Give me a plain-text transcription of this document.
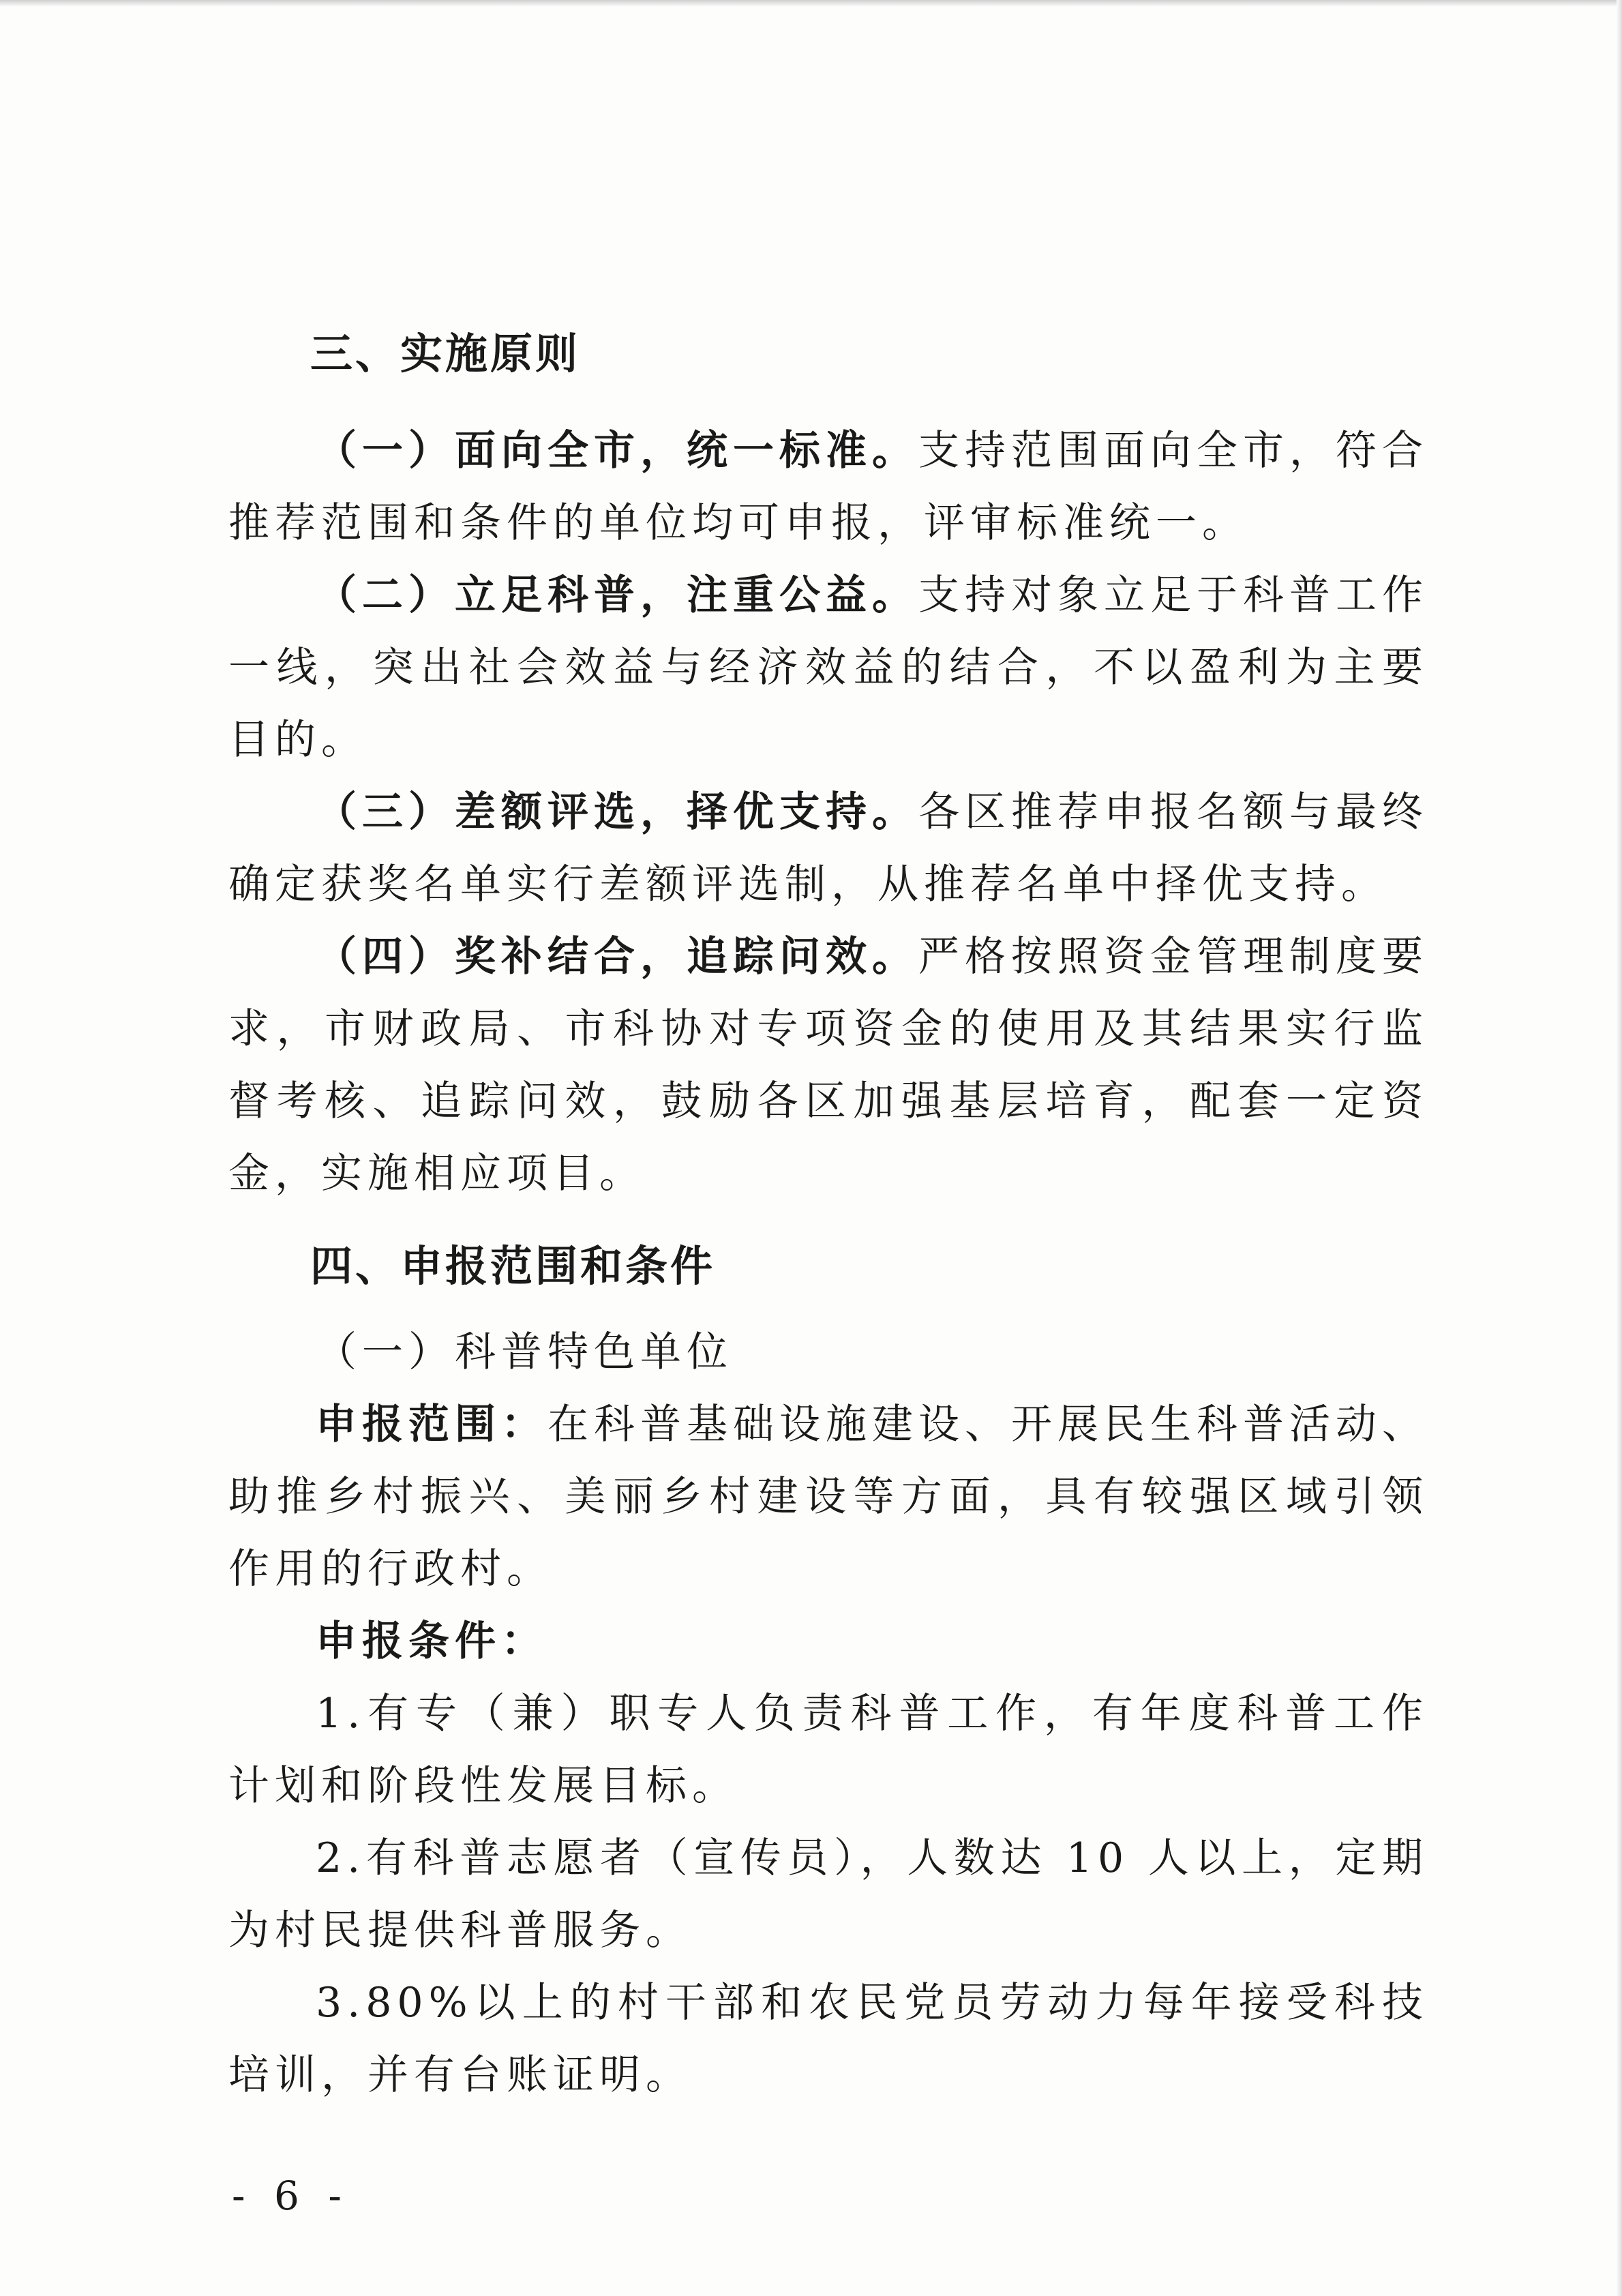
三、实施原则

（一）面向全市，统一标准。支持范围面向全市，符合推荐范围和条件的单位均可申报，评审标准统一。

（二）立足科普，注重公益。支持对象立足于科普工作一线，突出社会效益与经济效益的结合，不以盈利为主要目的。

（三）差额评选，择优支持。各区推荐申报名额与最终确定获奖名单实行差额评选制，从推荐名单中择优支持。

（四）奖补结合，追踪问效。严格按照资金管理制度要求，市财政局、市科协对专项资金的使用及其结果实行监督考核、追踪问效，鼓励各区加强基层培育，配套一定资金，实施相应项目。

四、申报范围和条件

（一）科普特色单位

申报范围：在科普基础设施建设、开展民生科普活动、助推乡村振兴、美丽乡村建设等方面，具有较强区域引领作用的行政村。

申报条件：

1.有专（兼）职专人负责科普工作，有年度科普工作计划和阶段性发展目标。

2.有科普志愿者（宣传员），人数达 10 人以上，定期为村民提供科普服务。

3.80%以上的村干部和农民党员劳动力每年接受科技培训，并有台账证明。

- 6 -
